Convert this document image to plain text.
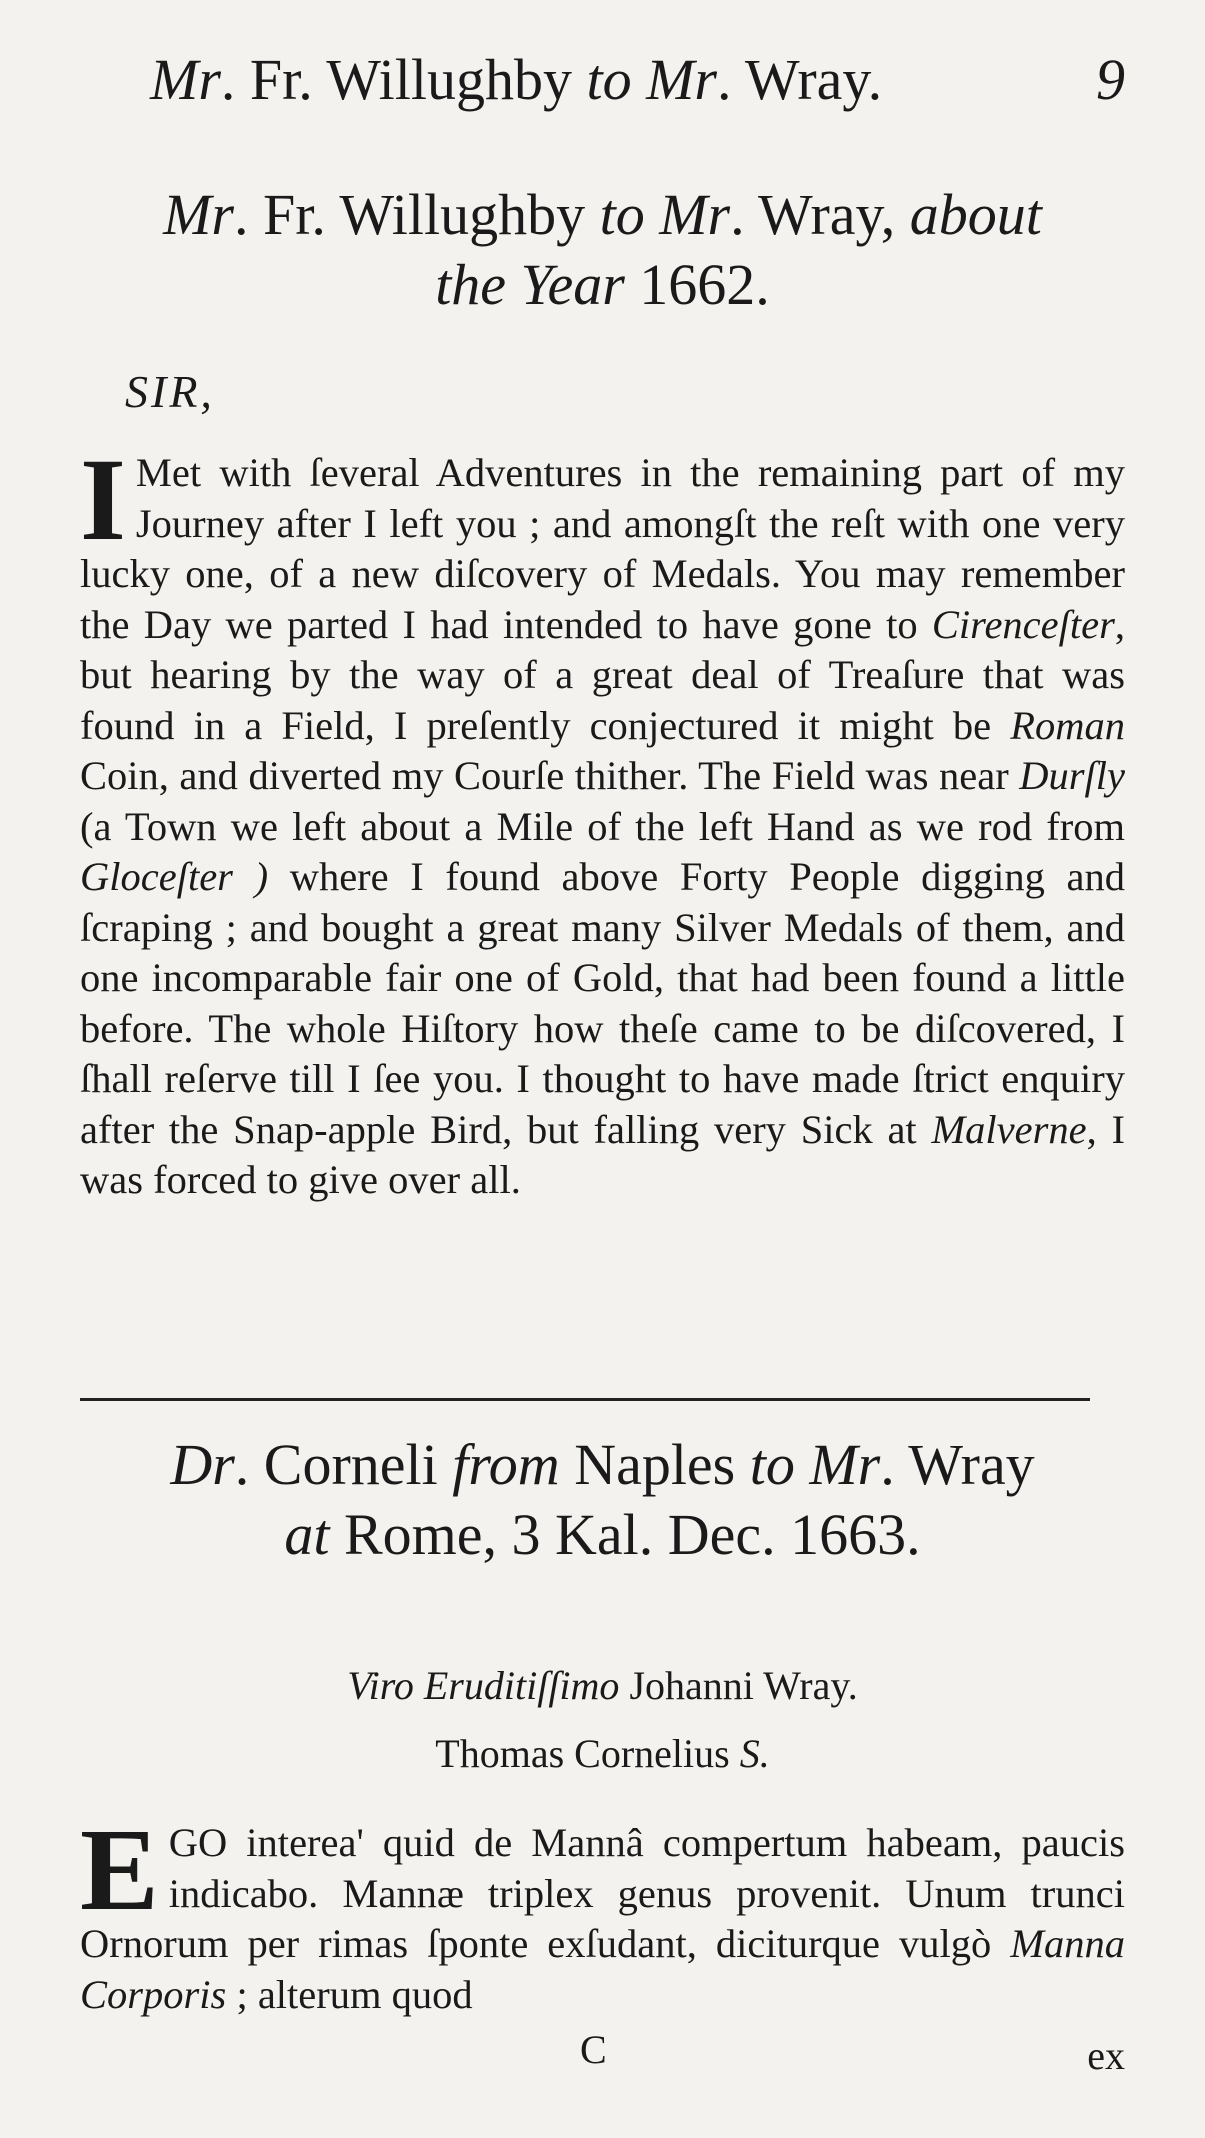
Mr. Fr. Willughby to Mr. Wray.	9
Mr. Fr. Willughby to Mr. Wray, about
the Year 1662.
SIR,
I Met with ſeveral Adventures in the remaining part of my Journey after I left you ; and amongſt the reſt with one very lucky one, of a new diſcovery of Medals. You may remember the Day we parted I had intended to have gone to Cirenceſter, but hearing by the way of a great deal of Treaſure that was found in a Field, I preſently conjectured it might be Roman Coin, and diverted my Courſe thither. The Field was near Durſly (a Town we left about a Mile of the left Hand as we rod from Gloceſter ) where I found above Forty People digging and ſcraping ; and bought a great many Silver Medals of them, and one incomparable fair one of Gold, that had been found a little before. The whole Hiſtory how theſe came to be diſcovered, I ſhall reſerve till I ſee you. I thought to have made ſtrict enquiry after the Snap-apple Bird, but falling very Sick at Malverne, I was forced to give over all.
Dr. Corneli from Naples to Mr. Wray
at Rome, 3 Kal. Dec. 1663.
Viro Eruditiſſimo Johanni Wray.
Thomas Cornelius S.
E GO interea' quid de Mannâ compertum habeam, paucis indicabo. Mannæ triplex genus provenit. Unum trunci Ornorum per rimas ſponte exſudant, diciturque vulgò Manna Corporis ; alterum quod
C	ex
